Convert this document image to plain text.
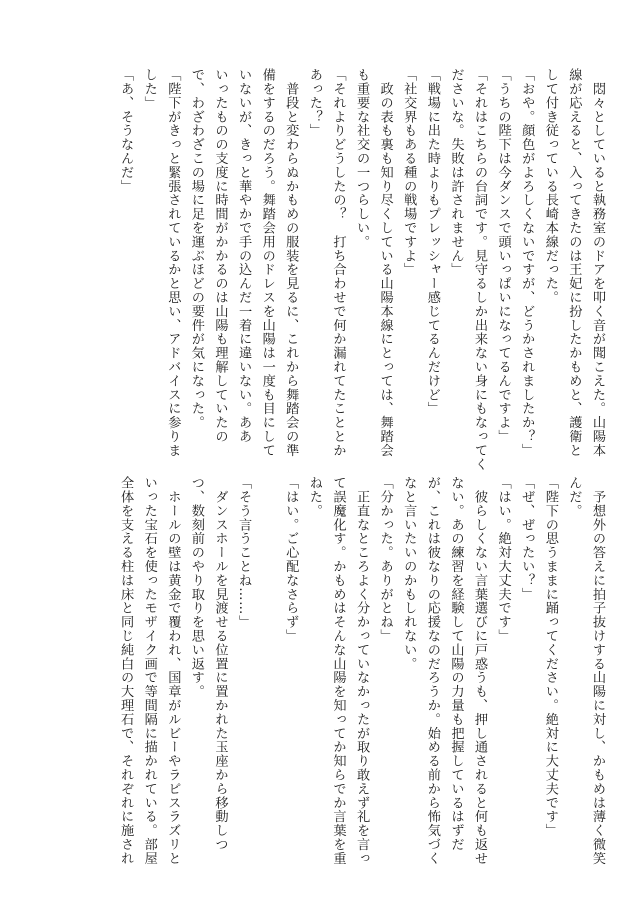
　悶々としていると執務室のドアを叩く音が聞こえた。山陽本
線が応えると、入ってきたのは王妃に扮したかもめと、護衛と
して付き従っている長崎本線だった。
「おや。顔色がよろしくないですが、どうかされましたか？」
「うちの陛下は今ダンスで頭いっぱいになってるんですよ」
「それはこちらの台詞です。見守るしか出来ない身にもなってく
ださいな。失敗は許されません」
「戦場に出た時よりもプレッシャー感じてるんだけど」
「社交界もある種の戦場ですよ」
　政の表も裏も知り尽くしている山陽本線にとっては、舞踏会
も重要な社交の一つらしい。
「それよりどうしたの？　打ち合わせで何か漏れてたこととか
あった？」
　普段と変わらぬかもめの服装を見るに、これから舞踏会の準
備をするのだろう。舞踏会用のドレスを山陽は一度も目にして
いないが、きっと華やかで手の込んだ一着に違いない。ああ
いったものの支度に時間がかかるのは山陽も理解していたの
で、わざわざこの場に足を運ぶほどの要件が気になった。
「陛下がきっと緊張されているかと思い、アドバイスに参りま
した」
「あ、そうなんだ」
　予想外の答えに拍子抜けする山陽に対し、かもめは薄く微笑
んだ。
「陛下の思うままに踊ってください。絶対に大丈夫です」
「ぜ、ぜったい？」
「はい。絶対大丈夫です」
　彼らしくない言葉選びに戸惑うも、押し通されると何も返せ
ない。あの練習を経験して山陽の力量も把握しているはずだ
が、これは彼なりの応援なのだろうか。始める前から怖気づく
なと言いたいのかもしれない。
「分かった。ありがとね」
　正直なところよく分かっていなかったが取り敢えず礼を言っ
て誤魔化す。かもめはそんな山陽を知ってか知らでか言葉を重
ねた。
「はい。ご心配なさらず」

「そう言うことね……」
　ダンスホールを見渡せる位置に置かれた玉座から移動しつ
つ、数刻前のやり取りを思い返す。
　ホールの壁は黄金で覆われ、国章がルビーやラピスラズリと
いった宝石を使ったモザイク画で等間隔に描かれている。部屋
全体を支える柱は床と同じ純白の大理石で、それぞれに施され
